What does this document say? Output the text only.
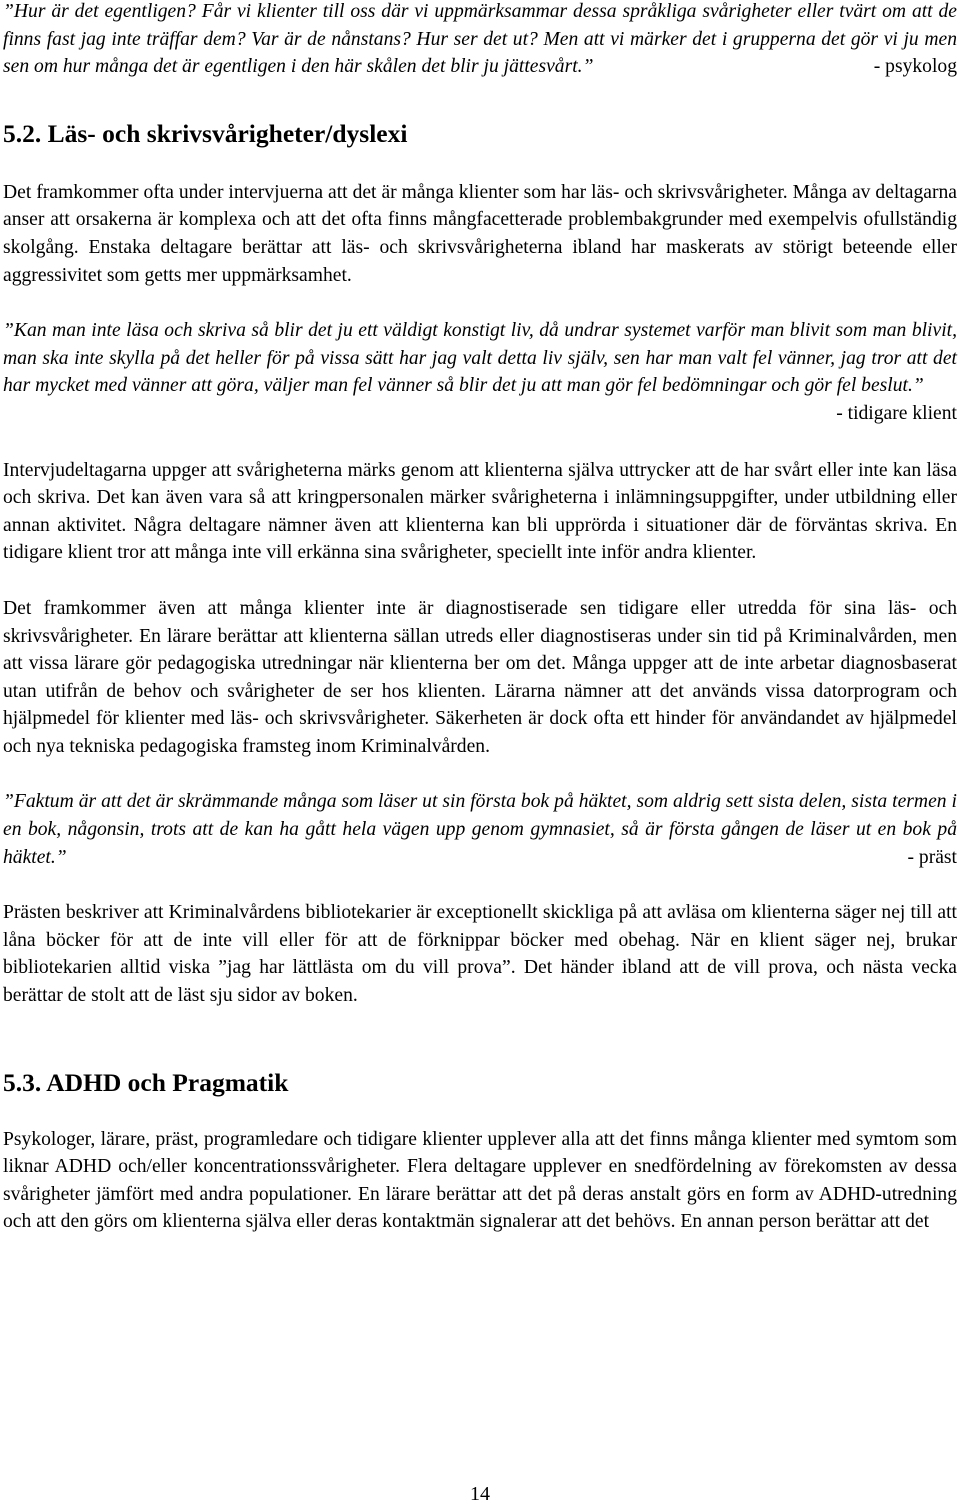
”Hur är det egentligen? Får vi klienter till oss där vi uppmärksammar dessa språkliga svårigheter eller tvärt om att de finns fast jag inte träffar dem? Var är de nånstans? Hur ser det ut? Men att vi märker det i grupperna det gör vi ju men sen om hur många det är egentligen i den här skålen det blir ju jättesvårt.”	- psykolog

5.2. Läs- och skrivsvårigheter/dyslexi

Det framkommer ofta under intervjuerna att det är många klienter som har läs- och skrivsvårigheter. Många av deltagarna anser att orsakerna är komplexa och att det ofta finns mångfacetterade problembakgrunder med exempelvis ofullständig skolgång. Enstaka deltagare berättar att läs- och skrivsvårigheterna ibland har maskerats av störigt beteende eller aggressivitet som getts mer uppmärksamhet.

”Kan man inte läsa och skriva så blir det ju ett väldigt konstigt liv, då undrar systemet varför man blivit som man blivit, man ska inte skylla på det heller för på vissa sätt har jag valt detta liv själv, sen har man valt fel vänner, jag tror att det har mycket med vänner att göra, väljer man fel vänner så blir det ju att man gör fel bedömningar och gör fel beslut.”
- tidigare klient

Intervjudeltagarna uppger att svårigheterna märks genom att klienterna själva uttrycker att de har svårt eller inte kan läsa och skriva. Det kan även vara så att kringpersonalen märker svårigheterna i inlämningsuppgifter, under utbildning eller annan aktivitet. Några deltagare nämner även att klienterna kan bli upprörda i situationer där de förväntas skriva. En tidigare klient tror att många inte vill erkänna sina svårigheter, speciellt inte inför andra klienter.

Det framkommer även att många klienter inte är diagnostiserade sen tidigare eller utredda för sina läs- och skrivsvårigheter. En lärare berättar att klienterna sällan utreds eller diagnostiseras under sin tid på Kriminalvården, men att vissa lärare gör pedagogiska utredningar när klienterna ber om det. Många uppger att de inte arbetar diagnosbaserat utan utifrån de behov och svårigheter de ser hos klienten. Lärarna nämner att det används vissa datorprogram och hjälpmedel för klienter med läs- och skrivsvårigheter. Säkerheten är dock ofta ett hinder för användandet av hjälpmedel och nya tekniska pedagogiska framsteg inom Kriminalvården.

”Faktum är att det är skrämmande många som läser ut sin första bok på häktet, som aldrig sett sista delen, sista termen i en bok, någonsin, trots att de kan ha gått hela vägen upp genom gymnasiet, så är första gången de läser ut en bok på häktet.”	- präst

Prästen beskriver att Kriminalvårdens bibliotekarier är exceptionellt skickliga på att avläsa om klienterna säger nej till att låna böcker för att de inte vill eller för att de förknippar böcker med obehag. När en klient säger nej, brukar bibliotekarien alltid viska ”jag har lättlästa om du vill prova”. Det händer ibland att de vill prova, och nästa vecka berättar de stolt att de läst sju sidor av boken.

5.3. ADHD och Pragmatik

Psykologer, lärare, präst, programledare och tidigare klienter upplever alla att det finns många klienter med symtom som liknar ADHD och/eller koncentrationssvårigheter. Flera deltagare upplever en snedfördelning av förekomsten av dessa svårigheter jämfört med andra populationer. En lärare berättar att det på deras anstalt görs en form av ADHD-utredning och att den görs om klienterna själva eller deras kontaktmän signalerar att det behövs. En annan person berättar att det

14
